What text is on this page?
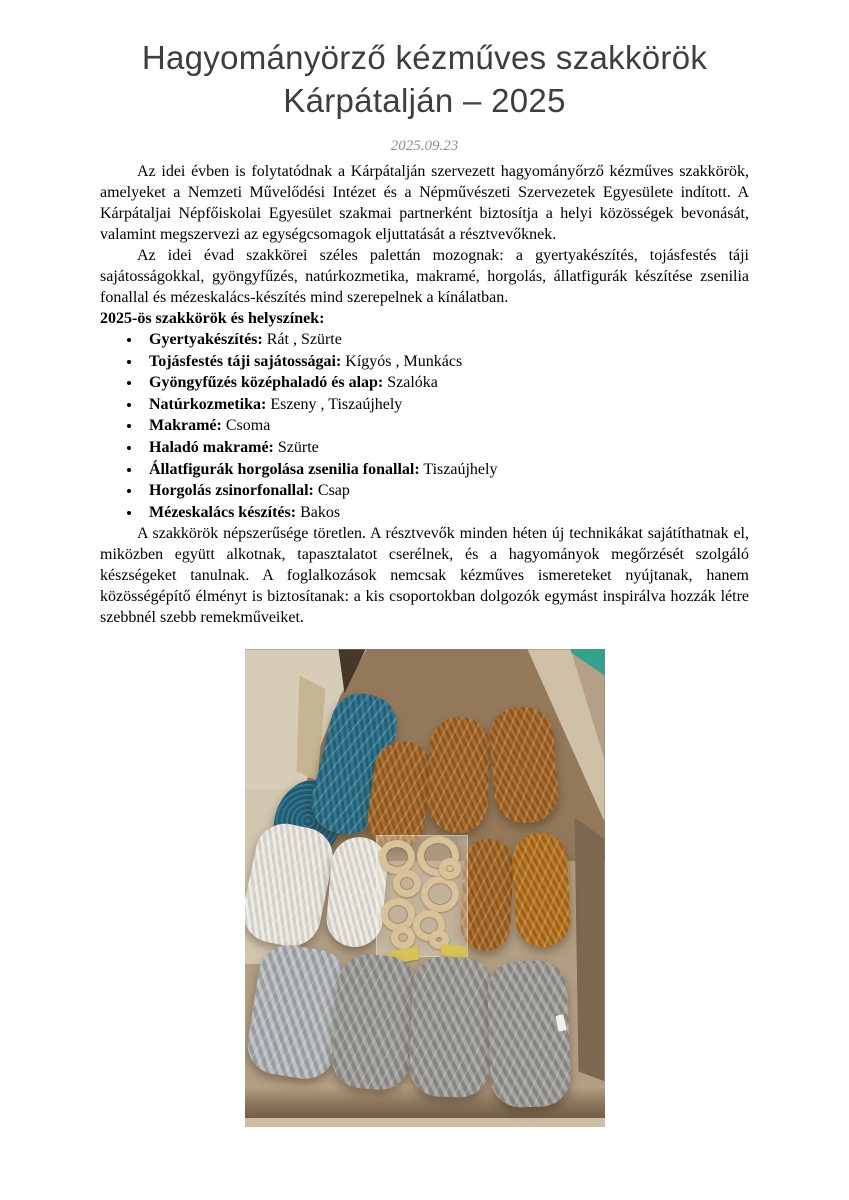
Hagyományörző kézműves szakkörök
Kárpátalján – 2025
2025.09.23

Az idei évben is folytatódnak a Kárpátalján szervezett hagyományőrző kézműves szakkörök, amelyeket a Nemzeti Művelődési Intézet és a Népművészeti Szervezetek Egyesülete indított. A Kárpátaljai Népfőiskolai Egyesület szakmai partnerként biztosítja a helyi közösségek bevonását, valamint megszervezi az egységcsomagok eljuttatását a résztvevőknek.

Az idei évad szakkörei széles palettán mozognak: a gyertyakészítés, tojásfestés táji sajátosságokkal, gyöngyfűzés, natúrkozmetika, makramé, horgolás, állatfigurák készítése zsenilia fonallal és mézeskalács-készítés mind szerepelnek a kínálatban.

2025-ös szakkörök és helyszínek:

• Gyertyakészítés: Rát , Szürte
• Tojásfestés táji sajátosságai: Kígyós , Munkács
• Gyöngyfűzés középhaladó és alap: Szalóka
• Natúrkozmetika: Eszeny , Tiszaújhely
• Makramé: Csoma
• Haladó makramé: Szürte
• Állatfigurák horgolása zsenilia fonallal: Tiszaújhely
• Horgolás zsinorfonallal: Csap
• Mézeskalács készítés: Bakos

A szakkörök népszerűsége töretlen. A résztvevők minden héten új technikákat sajátíthatnak el, miközben együtt alkotnak, tapasztalatot cserélnek, és a hagyományok megőrzését szolgáló készségeket tanulnak. A foglalkozások nemcsak kézműves ismereteket nyújtanak, hanem közösségépítő élményt is biztosítanak: a kis csoportokban dolgozók egymást inspirálva hozzák létre szebbnél szebb remekműveiket.
